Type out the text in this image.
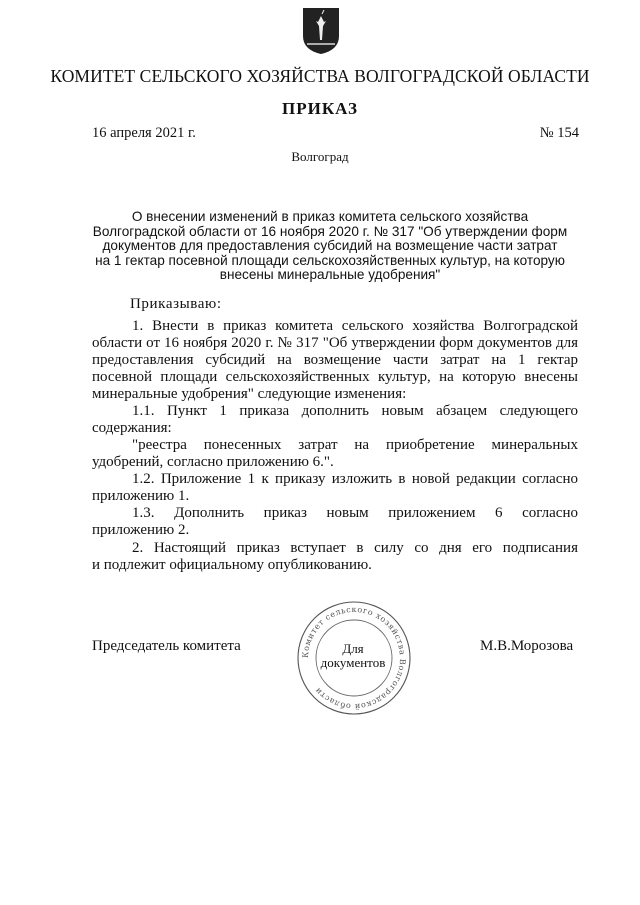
КОМИТЕТ СЕЛЬСКОГО ХОЗЯЙСТВА ВОЛГОГРАДСКОЙ ОБЛАСТИ
ПРИКАЗ
16 апреля 2021 г.	№ 154
Волгоград
О внесении изменений в приказ комитета сельского хозяйства
Волгоградской области от 16 ноября 2020 г. № 317 "Об утверждении форм
документов для предоставления субсидий на возмещение части затрат
на 1 гектар посевной площади сельскохозяйственных культур, на которую
внесены минеральные удобрения"
Приказываю:
1. Внести в приказ комитета сельского хозяйства Волгоградской
области от 16 ноября 2020 г. № 317 "Об утверждении форм документов для
предоставления субсидий на возмещение части затрат на 1 гектар
посевной площади сельскохозяйственных культур, на которую внесены
минеральные удобрения" следующие изменения:
1.1. Пункт 1 приказа дополнить новым абзацем следующего
содержания:
"реестра понесенных затрат на приобретение минеральных
удобрений, согласно приложению 6.".
1.2. Приложение 1 к приказу изложить в новой редакции согласно
приложению 1.
1.3. Дополнить приказ новым приложением 6 согласно
приложению 2.
2. Настоящий приказ вступает в силу со дня его подписания
и подлежит официальному опубликованию.
Председатель комитета	М.В.Морозова
Комитет сельского хозяйства Волгоградской области
Для
документов
